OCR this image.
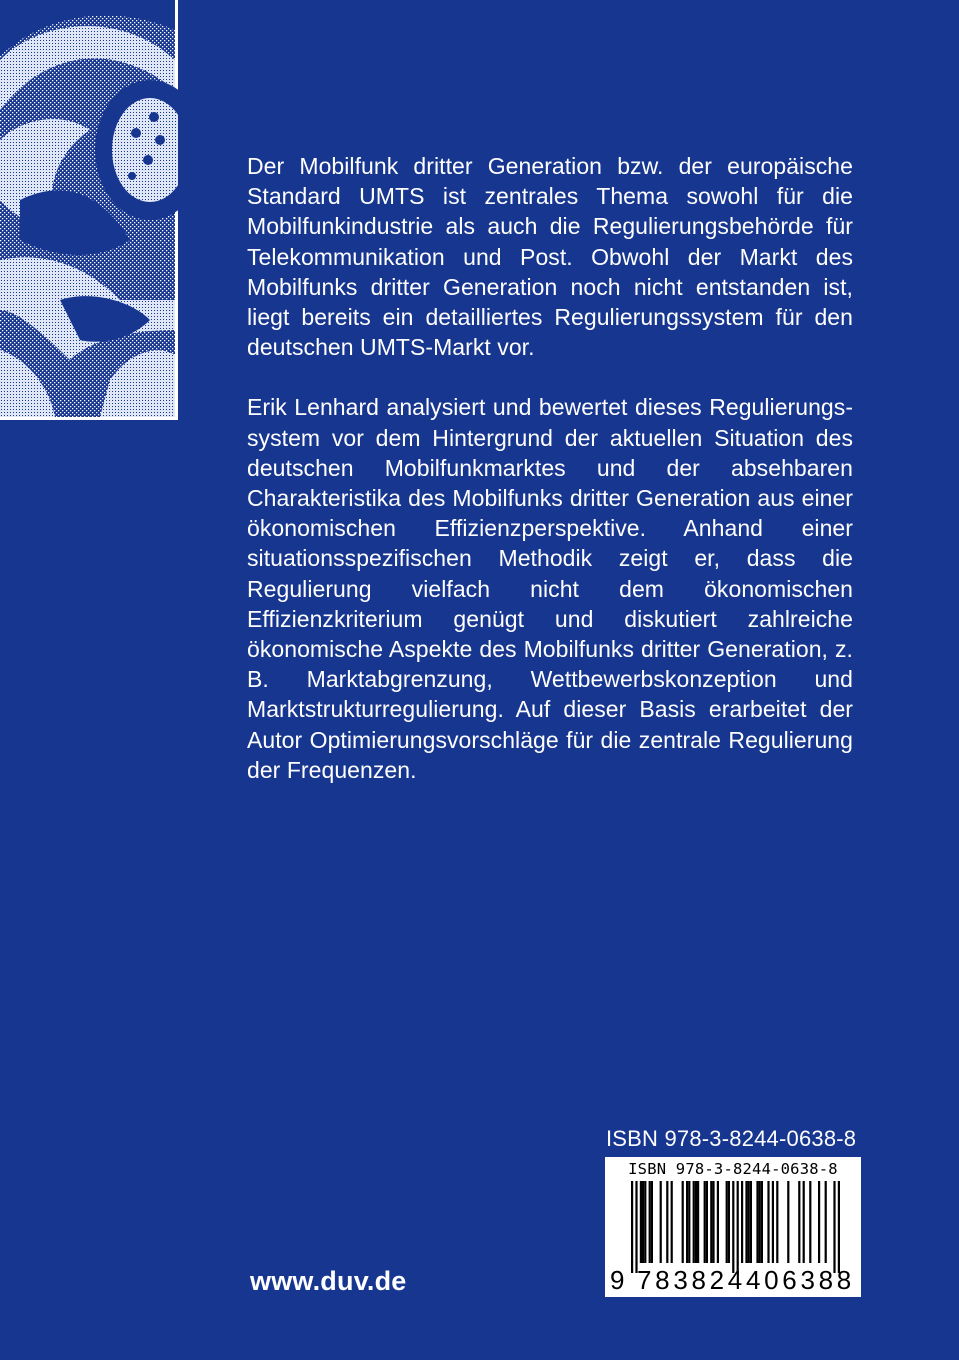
Der Mobilfunk dritter Generation bzw. der europäische Standard UMTS ist zentrales Thema sowohl für die Mobilfunkindustrie als auch die Regulierungsbehörde für Telekommunikation und Post. Obwohl der Markt des Mobilfunks dritter Generation noch nicht entstanden ist, liegt bereits ein detailliertes Regulierungssystem für den deutschen UMTS-Markt vor.

Erik Lenhard analysiert und bewertet dieses Regulierungssystem vor dem Hintergrund der aktuellen Situation des deutschen Mobilfunkmarktes und der absehbaren Charakteristika des Mobilfunks dritter Generation aus einer ökonomischen Effizienzperspektive. Anhand einer situationsspezifischen Methodik zeigt er, dass die Regulierung vielfach nicht dem ökonomischen Effizienzkriterium genügt und diskutiert zahlreiche ökonomische Aspekte des Mobilfunks dritter Generation, z. B. Marktabgrenzung, Wettbewerbskonzeption und Marktstrukturregulierung. Auf dieser Basis erarbeitet der Autor Optimierungsvorschläge für die zentrale Regulierung der Frequenzen.

ISBN 978-3-8244-0638-8
ISBN 978-3-8244-0638-8
9 783824406388
www.duv.de
